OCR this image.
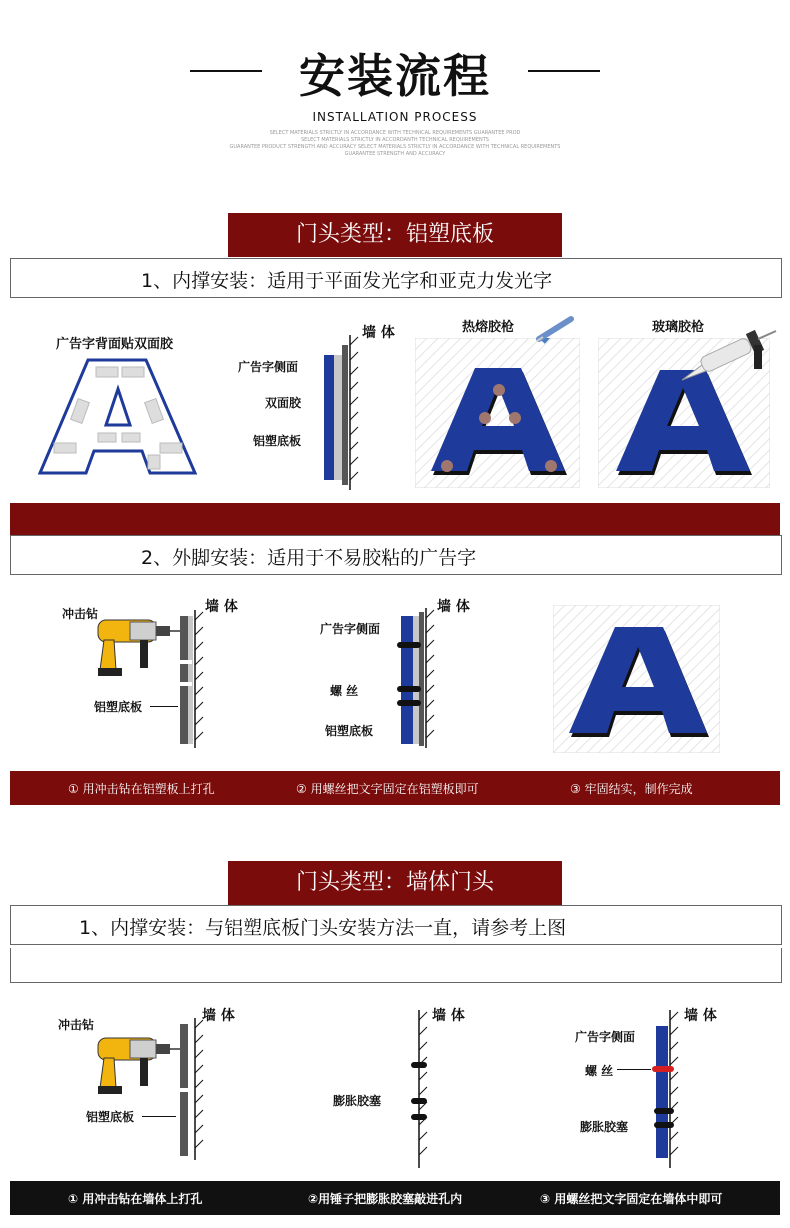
安装流程
INSTALLATION PROCESS
SELECT MATERIALS STRICTLY IN ACCORDANCE WITH TECHNICAL REQUIREMENTS GUARANTEE PROD
SELECT MATERIALS STRICTLY IN ACCORDANTH TECHNICAL REQUIREMENTS
GUARANTEE PRODUCT STRENGTH AND ACCURACY SELECT MATERIALS STRICTLY IN ACCORDANCE WITH TECHNICAL REQUIREMENTS
GUARANTEE STRENGTH AND ACCURACY
门头类型：铝塑底板
1、内撑安装：适用于平面发光字和亚克力发光字
广告字背面贴双面胶
墙 体
广告字侧面
双面胶
铝塑底板
热熔胶枪	玻璃胶枪
2、外脚安装：适用于不易胶粘的广告字
冲击钻	墙 体
铝塑底板
墙 体
广告字侧面
螺 丝
铝塑底板
① 用冲击钻在铝塑板上打孔	② 用螺丝把文字固定在铝塑板即可	③ 牢固结实，制作完成
门头类型：墙体门头
1、内撑安装：与铝塑底板门头安装方法一直，请参考上图
冲击钻
墙 体
铝塑底板
墙 体
膨胀胶塞
墙 体
广告字侧面
螺 丝
膨胀胶塞
① 用冲击钻在墙体上打孔	②用锤子把膨胀胶塞敲进孔内	③ 用螺丝把文字固定在墙体中即可
